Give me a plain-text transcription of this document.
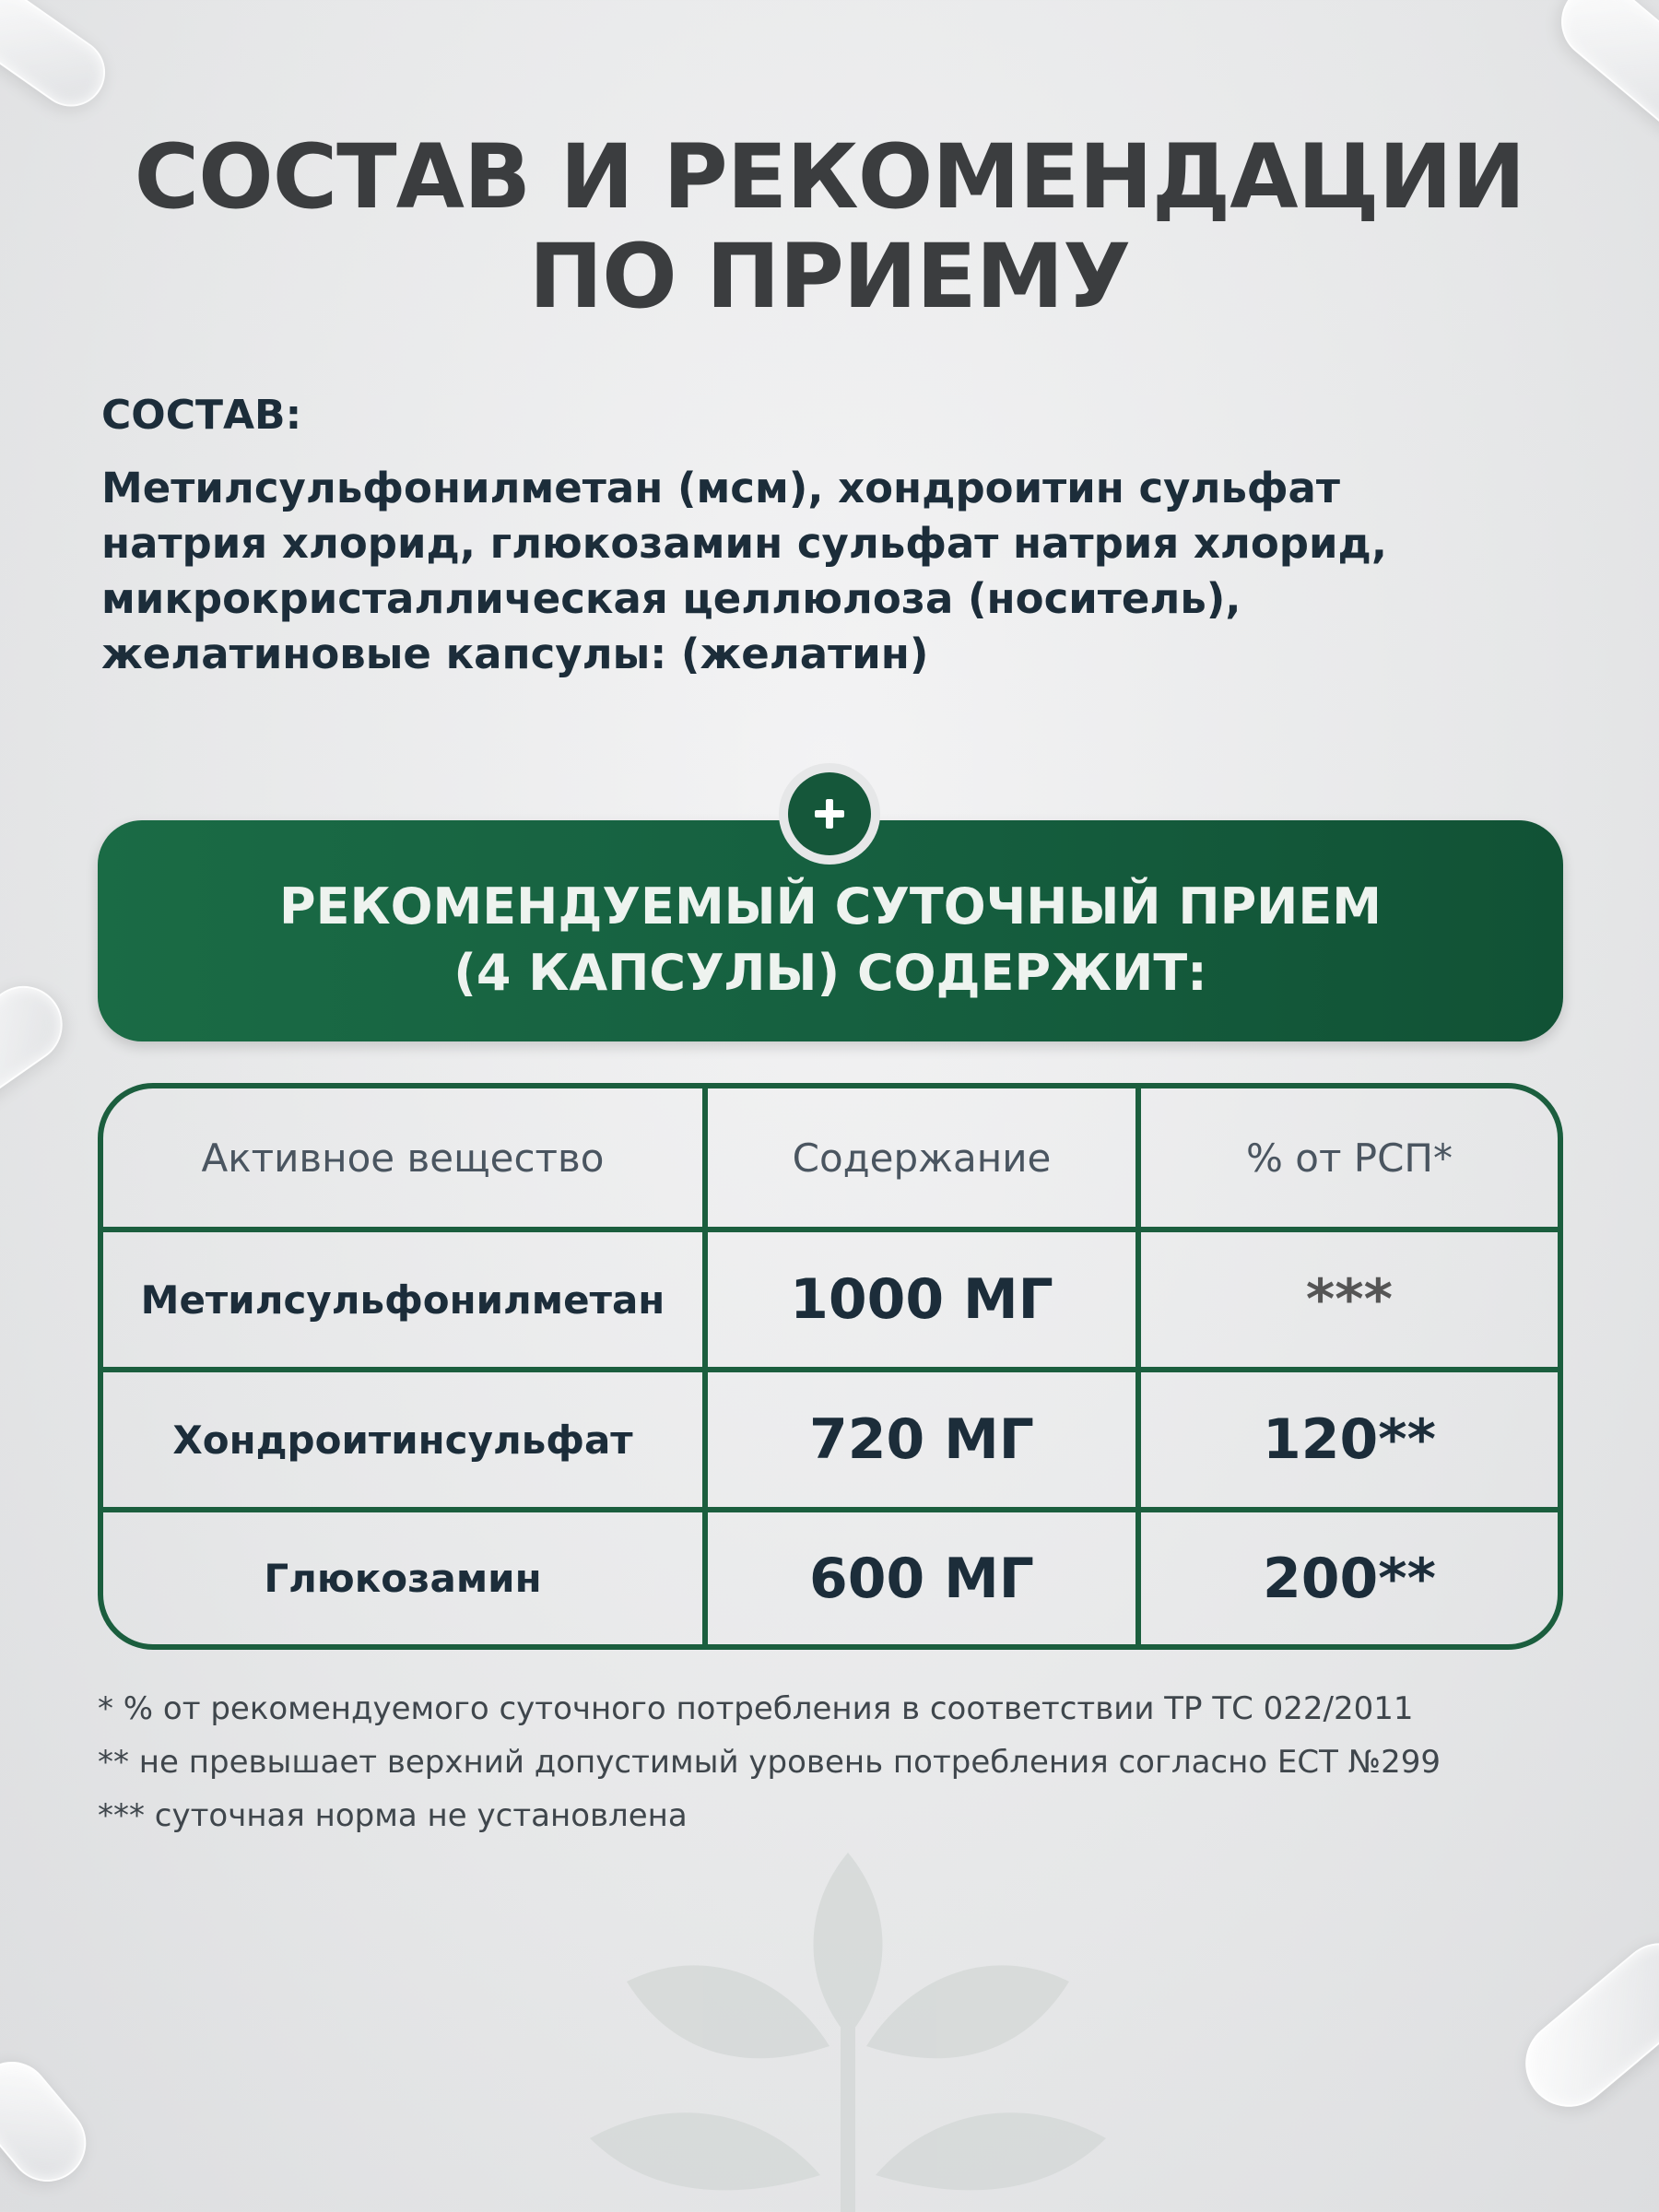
СОСТАВ И РЕКОМЕНДАЦИИ
ПО ПРИЕМУ
СОСТАВ:
Метилсульфонилметан (мсм), хондроитин сульфат
натрия хлорид, глюкозамин сульфат натрия хлорид,
микрокристаллическая целлюлоза (носитель),
желатиновые капсулы: (желатин)
РЕКОМЕНДУЕМЫЙ СУТОЧНЫЙ ПРИЕМ
(4 КАПСУЛЫ) СОДЕРЖИТ:
Активное вещество	Содержание	% от РСП*
Метилсульфонилметан	1000 МГ	***
Хондроитинсульфат	720 МГ	120**
Глюкозамин	600 МГ	200**
* % от рекомендуемого суточного потребления в соответствии ТР ТС 022/2011
** не превышает верхний допустимый уровень потребления согласно ЕСТ №299
*** суточная норма не установлена
